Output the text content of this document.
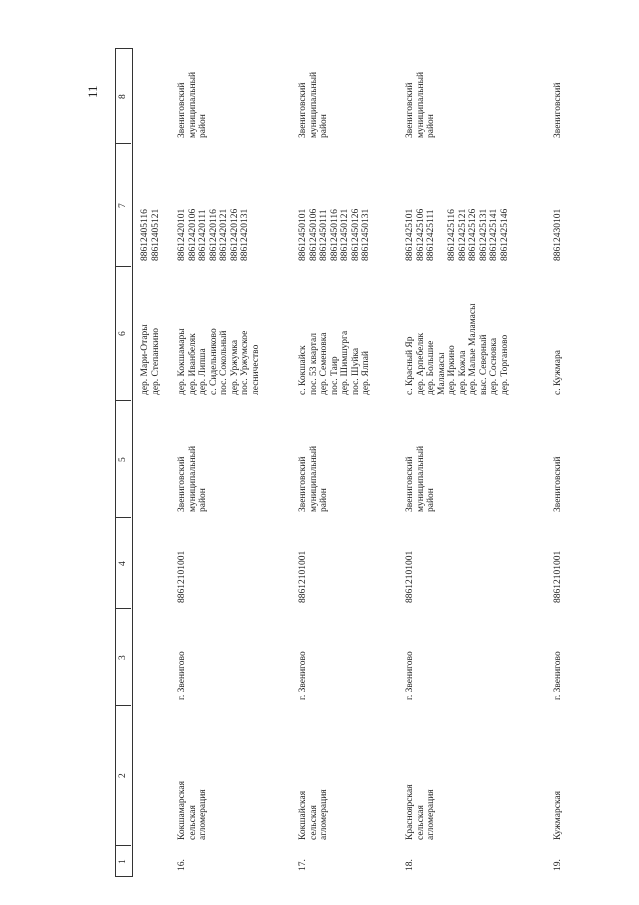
11
1
2
3
4
5
6
7
8
дер. Мари-Отары
дер. Степанкино
88612405116
88612405121
16.
Кокшамарская
сельская
агломерация
г. Звенигово
88612101001
Звениговский
муниципальный
район
дер. Кокшамары
дер. Иванбеляк
дер. Липша
с. Сидельниково
пос. Сокольный
дер. Уржумка
пос. Уржумское
лесничество
88612420101
88612420106
88612420111
88612420116
88612420121
88612420126
88612420131
Звениговский
муниципальный
район
17.
Кокшайская
сельская
агломерация
г. Звенигово
88612101001
Звениговский
муниципальный
район
с. Кокшайск
пос. 53 квартал
дер. Семеновка
пос. Таир
дер. Шимшургa
пос. Шуйка
дер. Ялпай
88612450101
88612450106
88612450111
88612450116
88612450121
88612450126
88612450131
Звениговский
муниципальный
район
18.
Красноярская
сельская
агломерация
г. Звенигово
88612101001
Звениговский
муниципальный
район
с. Красный Яр
дер. Арпебеляк
дер. Большие
Маламасы
дер. Иркино
дер. Кожла
дер. Малые Маламасы
выс. Северный
дер. Сосновка
дер. Торганово
88612425101
88612425106
88612425111

88612425116
88612425121
88612425126
88612425131
88612425141
88612425146
Звениговский
муниципальный
район
19.
Кужмарская
г. Звенигово
88612101001
Звениговский
с. Кужмара
88612430101
Звениговский
